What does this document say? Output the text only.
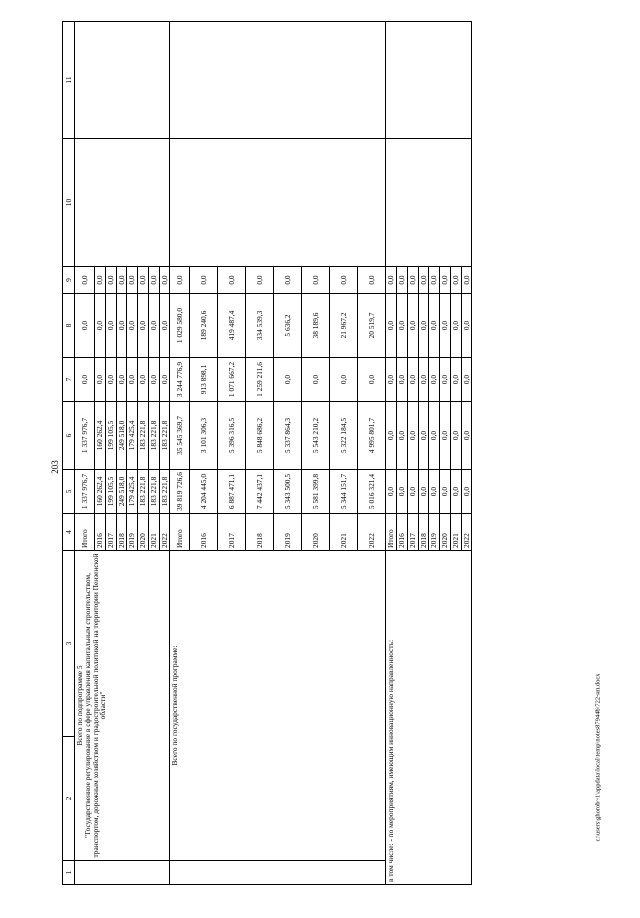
203
1	2	3	4	5	6	7	8	9	10	11

	Всего по подпрограмме 5
"Государственное регулирование в сфере управления капитальным строительством, транспортом, дорожным хозяйством и градостроительной политикой на территории Пензенской области"		Итого	1 337 976,7	1 337 976,7	0,0	0,0	0,0		
			2016	160 262,4	160 262,4	0,0	0,0	0,0		
			2017	199 105,5	199 105,5	0,0	0,0	0,0		
			2018	249 518,0	249 518,0	0,0	0,0	0,0		
			2019	179 425,4	179 425,4	0,0	0,0	0,0		
			2020	183 221,8	183 221,8	0,0	0,0	0,0		
			2021	183 221,8	183 221,8	0,0	0,0	0,0		
			2022	183 221,8	183 221,8	0,0	0,0	0,0		

	Всего по государственной программе:		Итого	39 819 726,6	35 545 369,7	3 244 776,9	1 029 580,0	0,0		
			2016	4 204 445,0	3 101 306,3	913 898,1	189 240,6	0,0		
			2017	6 887 471,1	5 396 316,5	1 071 667,2	419 487,4	0,0		
			2018	7 442 437,1	5 848 686,2	1 259 211,6	334 539,3	0,0		
			2019	5 343 500,5	5 337 864,3	0,0	5 636,2	0,0		
			2020	5 581 399,8	5 543 210,2	0,0	38 189,6	0,0		
			2021	5 344 151,7	5 322 184,5	0,0	21 967,2	0,0		
			2022	5 016 321,4	4 995 801,7	0,0	20 519,7	0,0		

в том числе: - по мероприятиям, имеющим инновационную направленность:			Итого	0,0	0,0	0,0	0,0	0,0		
			2016	0,0	0,0	0,0	0,0	0,0		
			2017	0,0	0,0	0,0	0,0	0,0		
			2018	0,0	0,0	0,0	0,0	0,0		
			2019	0,0	0,0	0,0	0,0	0,0		
			2020	0,0	0,0	0,0	0,0	0,0		
			2021	0,0	0,0	0,0	0,0	0,0		
			2022	0,0	0,0	0,0	0,0	0,0		
c:\users\ghorob~1\appdata\local\temp\notes87944b\722-нп.docx
